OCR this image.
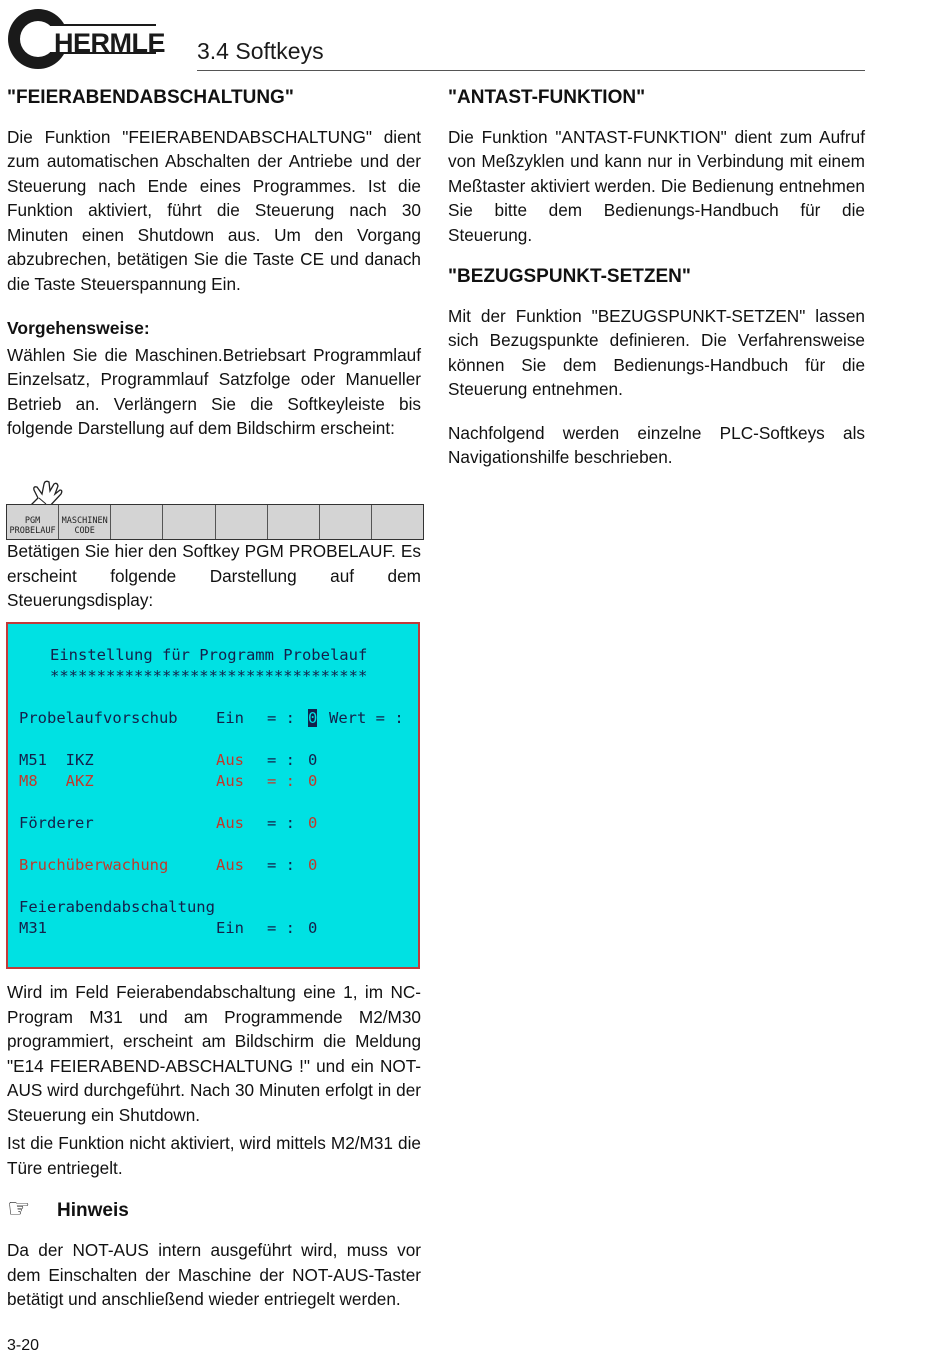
HERMLE 3.4 Softkeys

"FEIERABENDABSCHALTUNG"

Die Funktion "FEIERABENDABSCHALTUNG" dient zum automatischen Abschalten der Antriebe und der Steuerung nach Ende eines Programmes. Ist die Funktion aktiviert, führt die Steuerung nach 30 Minuten einen Shutdown aus. Um den Vorgang abzubrechen, betätigen Sie die Taste CE und danach die Taste Steuerspannung Ein.

Vorgehensweise:

Wählen Sie die Maschinen.Betriebsart Programmlauf Einzelsatz, Programmlauf Satzfolge oder Manueller Betrieb an. Verlängern Sie die Softkeyleiste bis folgende Darstellung auf dem Bildschirm erscheint:

PGM
PROBELAUF
MASCHINEN
CODE

Betätigen Sie hier den Softkey PGM PROBELAUF. Es erscheint folgende Darstellung auf dem Steuerungsdisplay:

Einstellung für Programm Probelauf
**********************************
Probelaufvorschub Ein = : 0 Wert = :
M51  IKZ	Aus = : 0
M8   AKZ	Aus = : 0
Förderer	Aus = : 0
Bruchüberwachung	Aus = : 0
Feierabendabschaltung
M31	Ein = : 0

Wird im Feld Feierabendabschaltung eine 1, im NC-Program M31 und am Programmende M2/M30 programmiert, erscheint am Bildschirm die Meldung "E14 FEIERABEND-ABSCHALTUNG !" und ein NOT-AUS wird durchgeführt. Nach 30 Minuten erfolgt in der Steuerung ein Shutdown.

Ist die Funktion nicht aktiviert, wird mittels M2/M31 die Türe entriegelt.

☞ Hinweis

Da der NOT-AUS intern ausgeführt wird, muss vor dem Einschalten der Maschine der NOT-AUS-Taster betätigt und anschließend wieder entriegelt werden.

"ANTAST-FUNKTION"

Die Funktion "ANTAST-FUNKTION" dient zum Aufruf von Meßzyklen und kann nur in Verbindung mit einem Meßtaster aktiviert werden. Die Bedienung entnehmen Sie bitte dem Bedienungs-Handbuch für die Steuerung.

"BEZUGSPUNKT-SETZEN"

Mit der Funktion "BEZUGSPUNKT-SETZEN" lassen sich Bezugspunkte definieren. Die Verfahrensweise können Sie dem Bedienungs-Handbuch für die Steuerung entnehmen.

Nachfolgend werden einzelne PLC-Softkeys als Navigationshilfe beschrieben.

3-20
